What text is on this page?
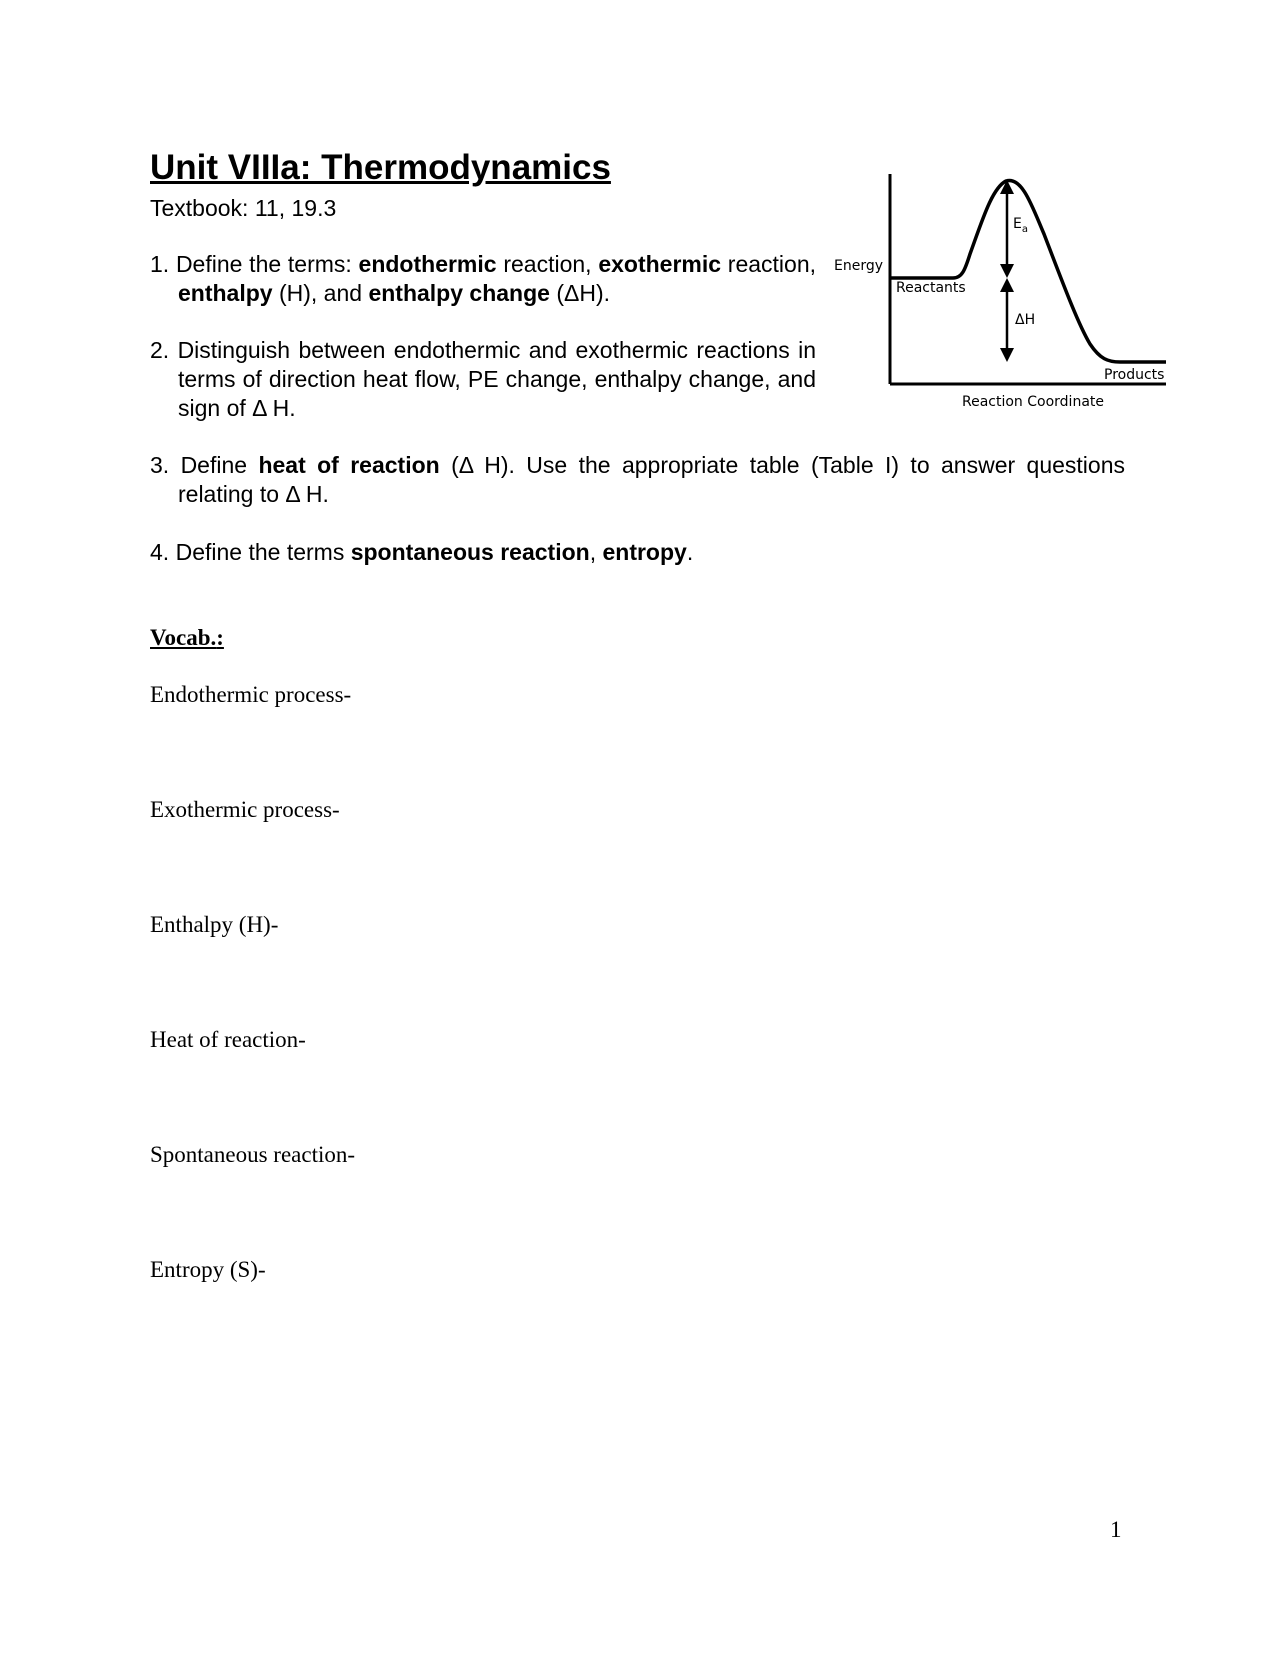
Unit VIIIa: Thermodynamics
Textbook: 11, 19.3
1. Define the terms: endothermic reaction, exothermic reaction, enthalpy (H), and enthalpy change (ΔH).
2. Distinguish between endothermic and exothermic reactions in terms of direction heat flow, PE change, enthalpy change, and sign of Δ H.
3. Define heat of reaction (Δ H). Use the appropriate table (Table I) to answer questions relating to Δ H.
4. Define the terms spontaneous reaction, entropy.
Energy
Reactants
Products
Reaction Coordinate
$E_a$
ΔH
Vocab.:
Endothermic process-
Exothermic process-
Enthalpy (H)-
Heat of reaction-
Spontaneous reaction-
Entropy (S)-
1
